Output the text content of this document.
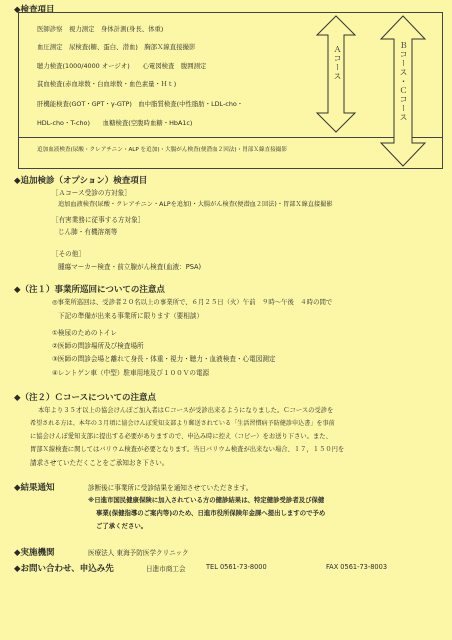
◆検査項目
医師診察　視力測定　身体計測(身長、体重)
血圧測定　尿検査(糖、蛋白、潜血)　胸部Ｘ線直接撮影
聴力検査(1000/4000 オージオ)　　心電図検査　腹囲測定
貧血検査(赤血球数・白血球数・血色素量・Ｈｔ)
肝機能検査(GOT・GPT・γ-GTP)　血中脂質検査(中性脂肪・LDL-cho・
HDL-cho・T-cho)　　血糖検査(空腹時血糖・HbA1c)
追加血液検査(尿酸・クレアチニン・ALP を追加)・大腸がん検査(便潜血２回法)・胃部Ｘ線直接撮影
Ａコース	Ｂコース・Ｃコース
◆追加検診（オプション）検査項目
［Ａコース受診の方対象］
追加血液検査(尿酸・クレアチニン・ALPを追加)・大腸がん検査(便潜血２回法)・胃部Ｘ線直接撮影
［有害業務に従事する方対象］
じん肺・有機溶剤等
［その他］
腫瘍マーカー検査・前立腺がん検査(血液：PSA)
◆（注１）事業所巡回についての注意点
◎事業所巡回は、受診者２０名以上の事業所で、６月２５日（火）午前　９時～午後　４時の間で
下記の準備が出来る事業所に限ります（要相談）
①検尿のためのトイレ
②医師の問診場所及び検査場所
③医師の問診会場と離れて身長・体重・視力・聴力・血液検査・心電図測定
④レントゲン車（中型）駐車用地及び１００Ｖの電源
◆（注２）Ｃコースについての注意点
本年より３５才以上の協会けんぽご加入者はＣコースが受診出来るようになりました。Ｃコースの受診を
希望される方は、本年の３月頃に協会けんぽ愛知支部より郵送されている「生活習慣病予防健診申込書」を事前
に協会けんぽ愛知支部に提出する必要がありますので、申込み時に控え（コピー）をお送り下さい。また、
胃部Ｘ線検査に関してはバリウム検査が必要となります。当日バリウム検査が出来ない場合、１７，１５０円を
請求させていただくことをご承知おき下さい。
◆結果通知	診断後に事業所に受診結果を通知させていただきます。
※日進市国民健康保険に加入されている方の健診結果は、特定健診受診者及び保健
事業(保健指導のご案内等)のため、日進市役所保険年金課へ提出しますので予め
ご了承ください。
◆実施機関	医療法人 東海予防医学クリニック
◆お問い合わせ、申込み先	日進市商工会	TEL 0561-73-8000	FAX 0561-73-8003
